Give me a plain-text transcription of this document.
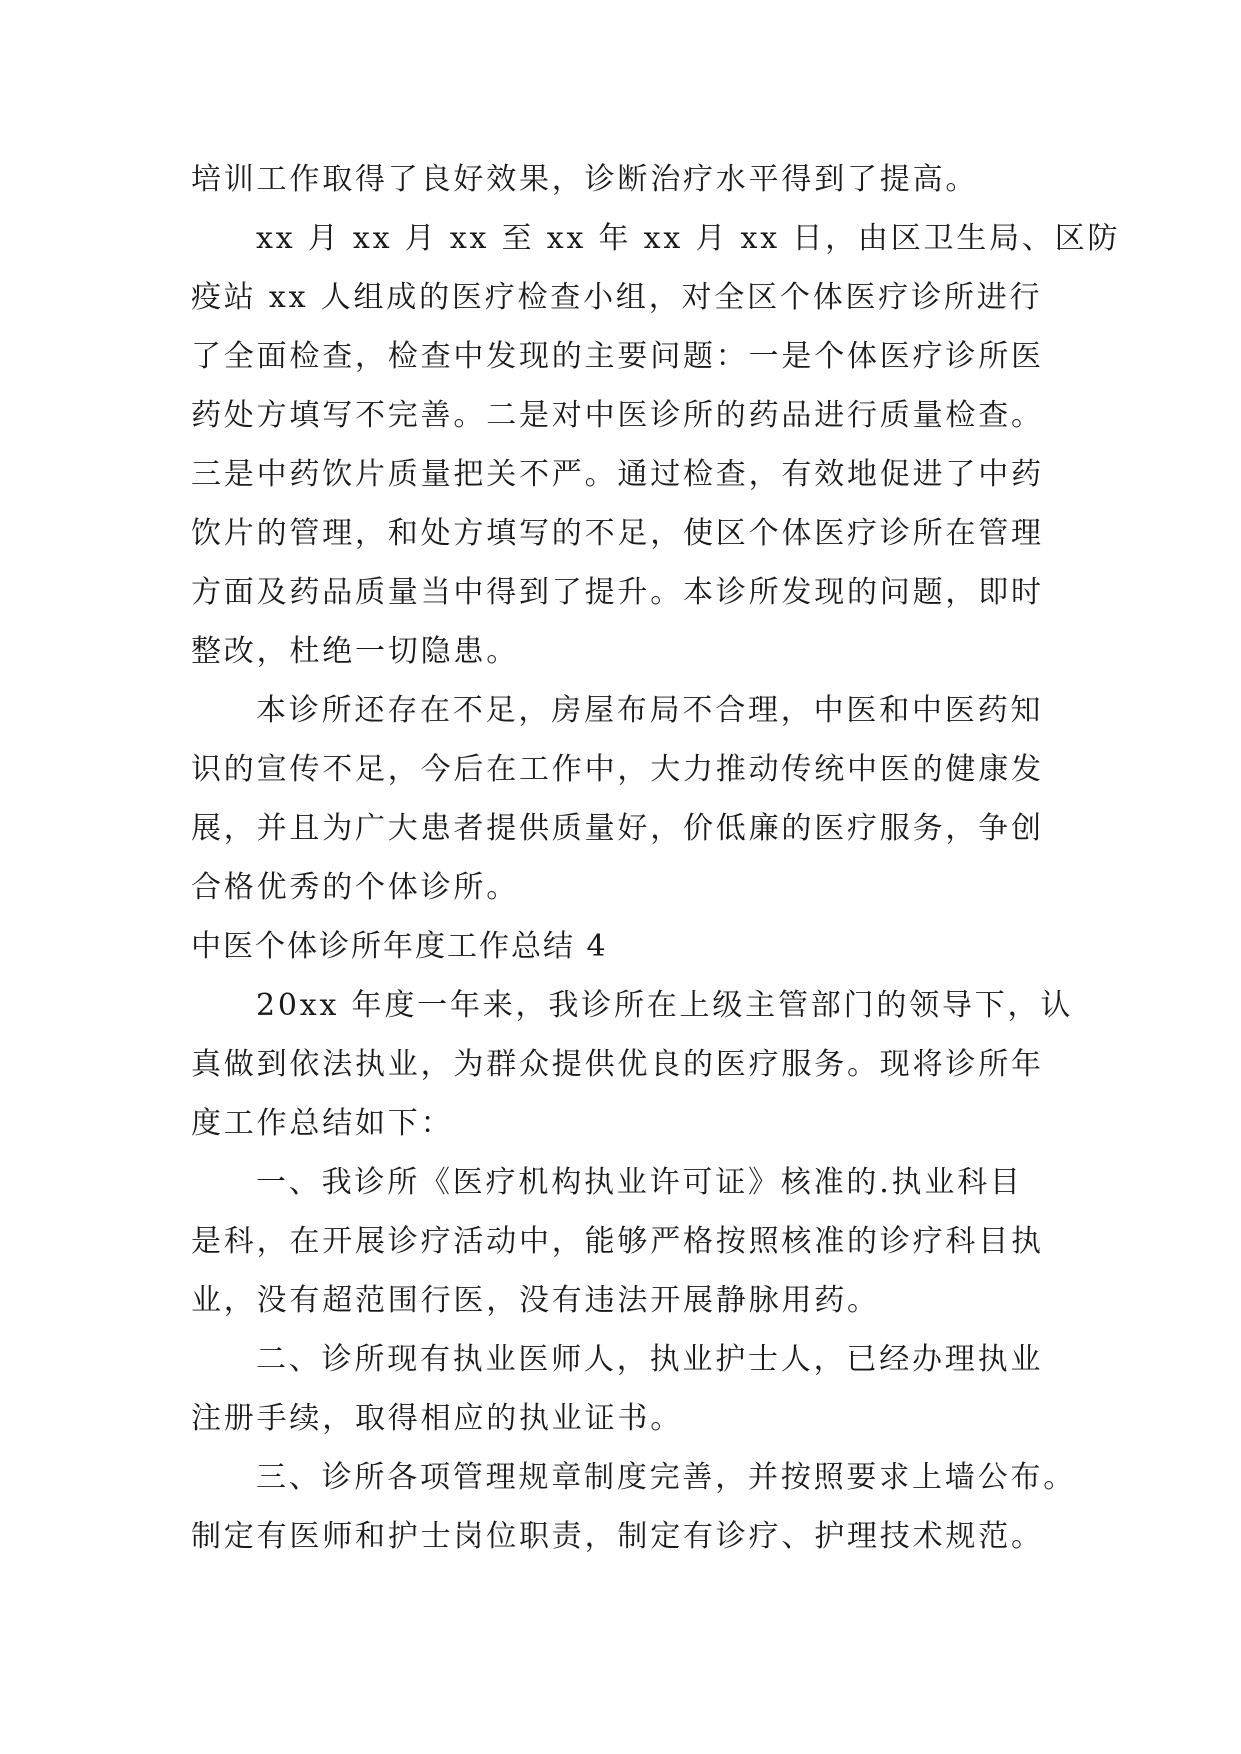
培训工作取得了良好效果，诊断治疗水平得到了提高。
xx 月 xx 月 xx 至 xx 年 xx 月 xx 日，由区卫生局、区防
疫站 xx 人组成的医疗检查小组，对全区个体医疗诊所进行
了全面检查，检查中发现的主要问题：一是个体医疗诊所医
药处方填写不完善。二是对中医诊所的药品进行质量检查。
三是中药饮片质量把关不严。通过检查，有效地促进了中药
饮片的管理，和处方填写的不足，使区个体医疗诊所在管理
方面及药品质量当中得到了提升。本诊所发现的问题，即时
整改，杜绝一切隐患。
本诊所还存在不足，房屋布局不合理，中医和中医药知
识的宣传不足，今后在工作中，大力推动传统中医的健康发
展，并且为广大患者提供质量好，价低廉的医疗服务，争创
合格优秀的个体诊所。
中医个体诊所年度工作总结 4
20xx 年度一年来，我诊所在上级主管部门的领导下，认
真做到依法执业，为群众提供优良的医疗服务。现将诊所年
度工作总结如下：
一、我诊所《医疗机构执业许可证》核准的.执业科目
是科，在开展诊疗活动中，能够严格按照核准的诊疗科目执
业，没有超范围行医，没有违法开展静脉用药。
二、诊所现有执业医师人，执业护士人，已经办理执业
注册手续，取得相应的执业证书。
三、诊所各项管理规章制度完善，并按照要求上墙公布。
制定有医师和护士岗位职责，制定有诊疗、护理技术规范。
